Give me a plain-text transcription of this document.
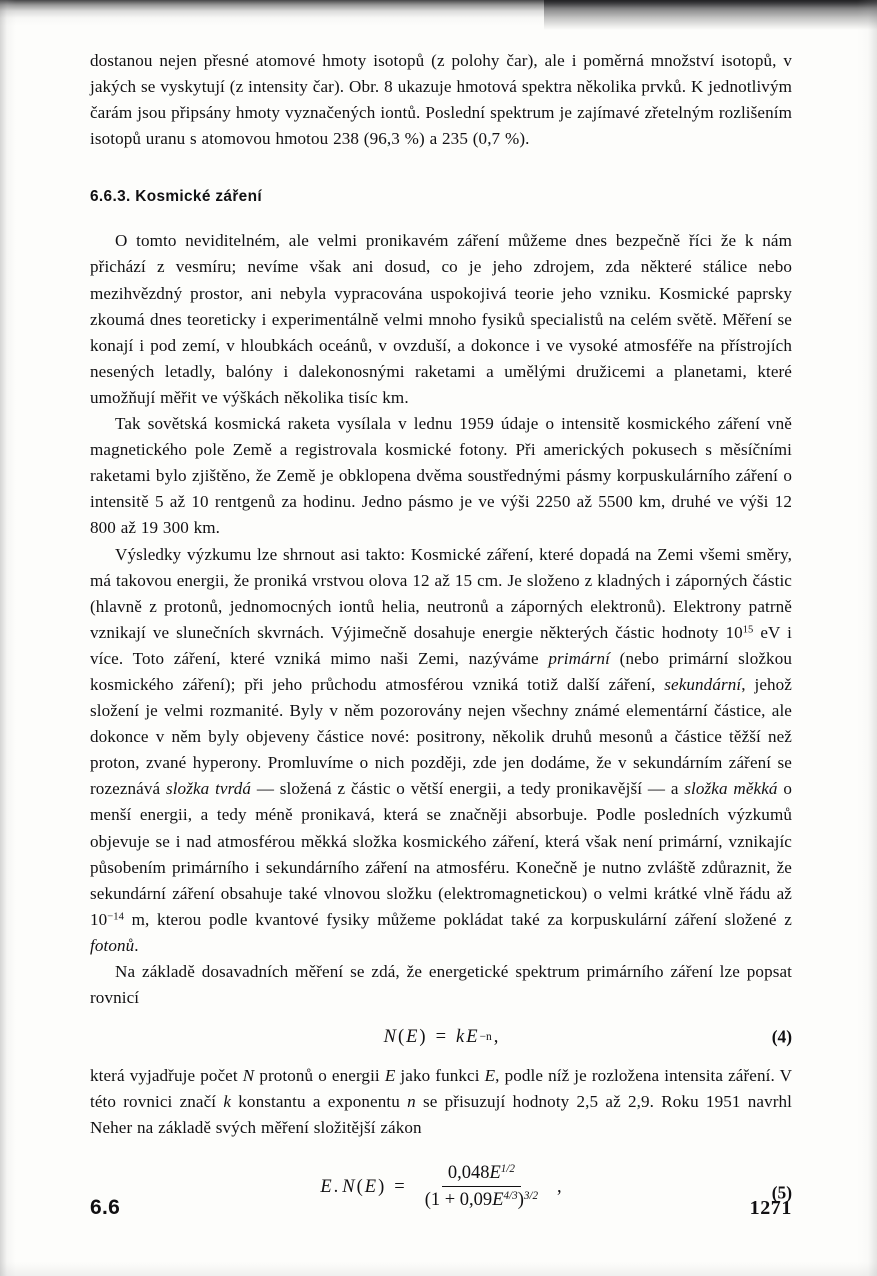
dostanou nejen přesné atomové hmoty isotopů (z polohy čar), ale i poměrná množství isotopů, v jakých se vyskytují (z intensity čar). Obr. 8 ukazuje hmotová spektra několika prvků. K jednotlivým čarám jsou připsány hmoty vyznačených iontů. Poslední spektrum je zajímavé zřetelným rozlišením isotopů uranu s atomovou hmotou 238 (96,3 %) a 235 (0,7 %).

6.6.3. Kosmické záření

O tomto neviditelném, ale velmi pronikavém záření můžeme dnes bezpečně říci že k nám přichází z vesmíru; nevíme však ani dosud, co je jeho zdrojem, zda některé stálice nebo mezihvězdný prostor, ani nebyla vypracována uspokojivá teorie jeho vzniku. Kosmické paprsky zkoumá dnes teoreticky i experimentálně velmi mnoho fysiků specialistů na celém světě. Měření se konají i pod zemí, v hloubkách oceánů, v ovzduší, a dokonce i ve vysoké atmosféře na přístrojích nesených letadly, balóny i dalekonosnými raketami a umělými družicemi a planetami, které umožňují měřit ve výškách několika tisíc km.

Tak sovětská kosmická raketa vysílala v lednu 1959 údaje o intensitě kosmického záření vně magnetického pole Země a registrovala kosmické fotony. Při amerických pokusech s měsíčními raketami bylo zjištěno, že Země je obklopena dvěma soustřednými pásmy korpuskulárního záření o intensitě 5 až 10 rentgenů za hodinu. Jedno pásmo je ve výši 2250 až 5500 km, druhé ve výši 12 800 až 19 300 km.

Výsledky výzkumu lze shrnout asi takto: Kosmické záření, které dopadá na Zemi všemi směry, má takovou energii, že proniká vrstvou olova 12 až 15 cm. Je složeno z kladných i záporných částic (hlavně z protonů, jednomocných iontů helia, neutronů a záporných elektronů). Elektrony patrně vznikají ve slunečních skvrnách. Výjimečně dosahuje energie některých částic hodnoty $10^{15}$ eV i více. Toto záření, které vzniká mimo naši Zemi, nazýváme primární (nebo primární složkou kosmického záření); při jeho průchodu atmosférou vzniká totiž další záření, sekundární, jehož složení je velmi rozmanité. Byly v něm pozorovány nejen všechny známé elementární částice, ale dokonce v něm byly objeveny částice nové: positrony, několik druhů mesonů a částice těžší než proton, zvané hyperony. Promluvíme o nich později, zde jen dodáme, že v sekundárním záření se rozeznává složka tvrdá — složená z částic o větší energii, a tedy pronikavější — a složka měkká o menší energii, a tedy méně pronikavá, která se značněji absorbuje. Podle posledních výzkumů objevuje se i nad atmosférou měkká složka kosmického záření, která však není primární, vznikajíc působením primárního i sekundárního záření na atmosféru. Konečně je nutno zvláště zdůraznit, že sekundární záření obsahuje také vlnovou složku (elektromagnetickou) o velmi krátké vlně řádu až $10^{-14}$ m, kterou podle kvantové fysiky můžeme pokládat také za korpuskulární záření složené z fotonů.

Na základě dosavadních měření se zdá, že energetické spektrum primárního záření lze popsat rovnicí

N ( E ) = k E −n ,	(4)

která vyjadřuje počet N protonů o energii E jako funkci E, podle níž je rozložena intensita záření. V této rovnici značí k konstantu a exponentu n se přisuzují hodnoty 2,5 až 2,9. Roku 1951 navrhl Neher na základě svých měření složitější zákon

E . N ( E ) = $\frac{0,048E^{1/2}}{(1 + 0,09E^{4/3})^{3/2}}$ ,	(5)
6.6	1271
